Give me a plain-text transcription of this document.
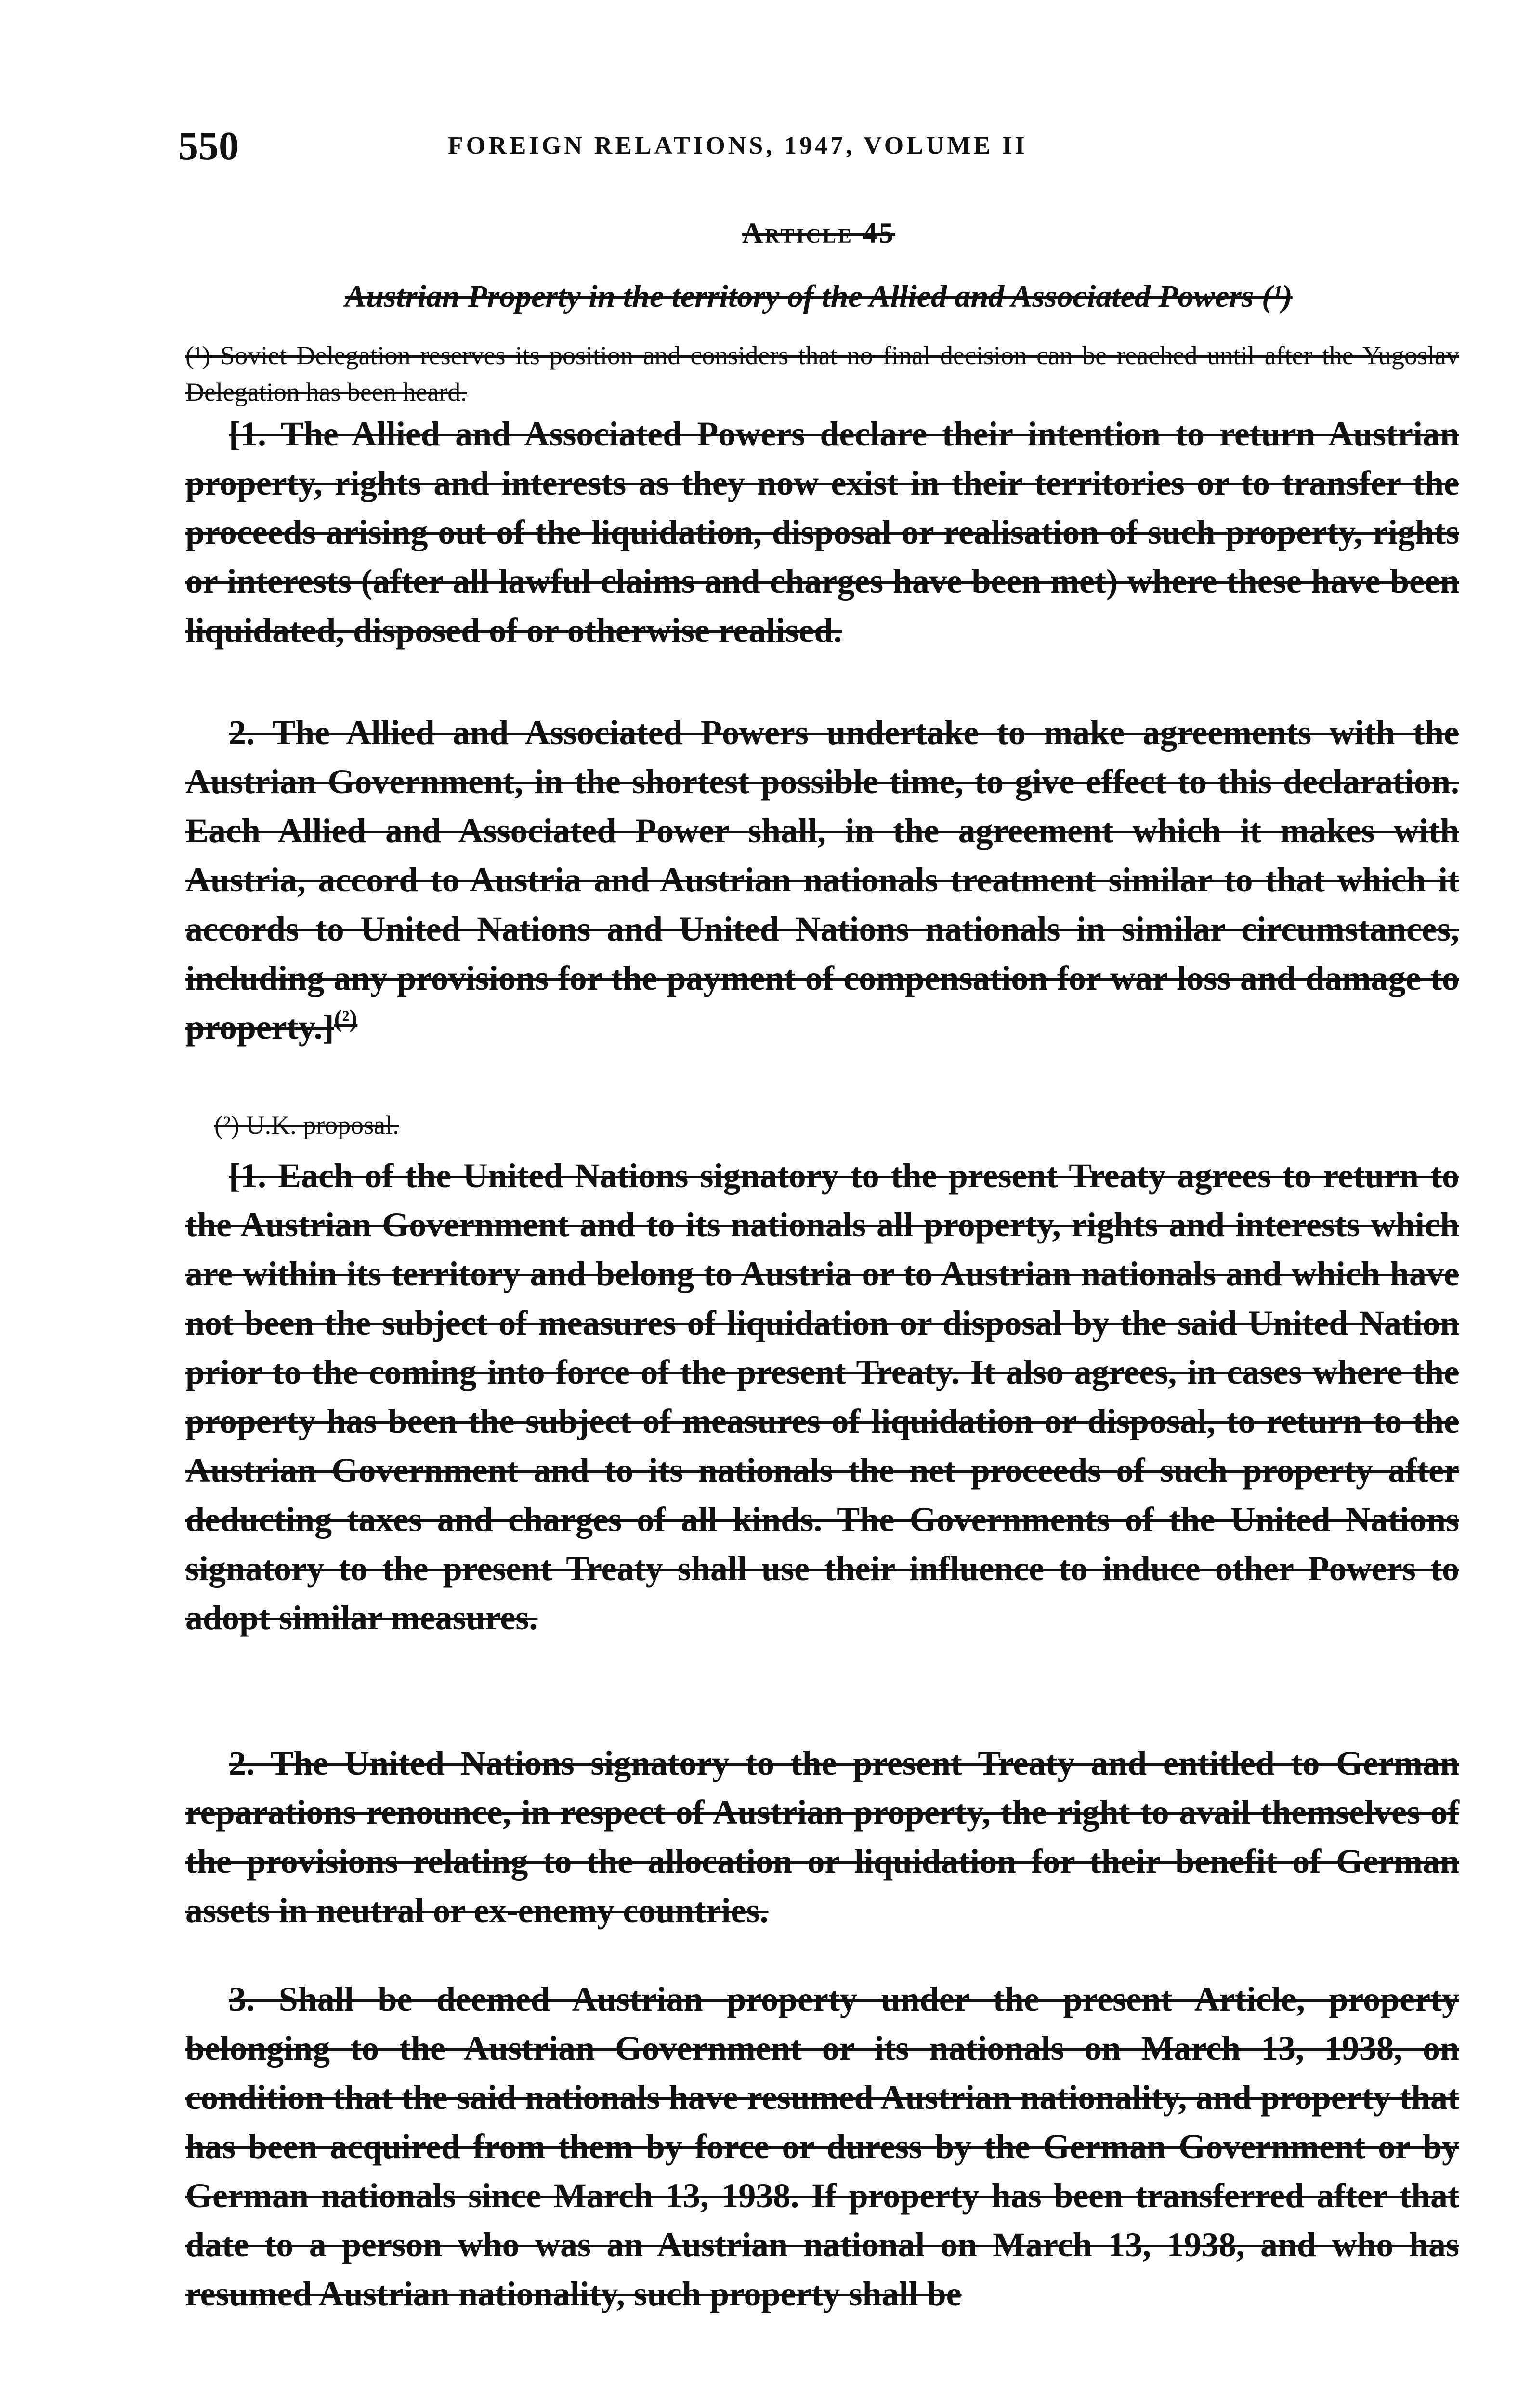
550	FOREIGN RELATIONS, 1947, VOLUME II
Article 45
Austrian Property in the territory of the Allied and Associated Powers (¹)
(¹) Soviet Delegation reserves its position and considers that no final decision can be reached until after the Yugoslav Delegation has been heard.
[1. The Allied and Associated Powers declare their intention to return Austrian property, rights and interests as they now exist in their territories or to transfer the proceeds arising out of the liquidation, disposal or realisation of such property, rights or interests (after all lawful claims and charges have been met) where these have been liquidated, disposed of or otherwise realised.
2. The Allied and Associated Powers undertake to make agreements with the Austrian Government, in the shortest possible time, to give effect to this declaration. Each Allied and Associated Power shall, in the agreement which it makes with Austria, accord to Austria and Austrian nationals treatment similar to that which it accords to United Nations and United Nations nationals in similar circumstances, including any provisions for the payment of compensation for war loss and damage to property.]$^{(^2)}$
(²) U.K. proposal.
[1. Each of the United Nations signatory to the present Treaty agrees to return to the Austrian Government and to its nationals all property, rights and interests which are within its territory and belong to Austria or to Austrian nationals and which have not been the subject of measures of liquidation or disposal by the said United Nation prior to the coming into force of the present Treaty. It also agrees, in cases where the property has been the subject of measures of liquidation or disposal, to return to the Austrian Government and to its nationals the net proceeds of such property after deducting taxes and charges of all kinds. The Governments of the United Nations signatory to the present Treaty shall use their influence to induce other Powers to adopt similar measures.
2. The United Nations signatory to the present Treaty and entitled to German reparations renounce, in respect of Austrian property, the right to avail themselves of the provisions relating to the allocation or liquidation for their benefit of German assets in neutral or ex-enemy countries.
3. Shall be deemed Austrian property under the present Article, property belonging to the Austrian Government or its nationals on March 13, 1938, on condition that the said nationals have resumed Austrian nationality, and property that has been acquired from them by force or duress by the German Government or by German nationals since March 13, 1938. If property has been transferred after that date to a person who was an Austrian national on March 13, 1938, and who has resumed Austrian nationality, such property shall be
